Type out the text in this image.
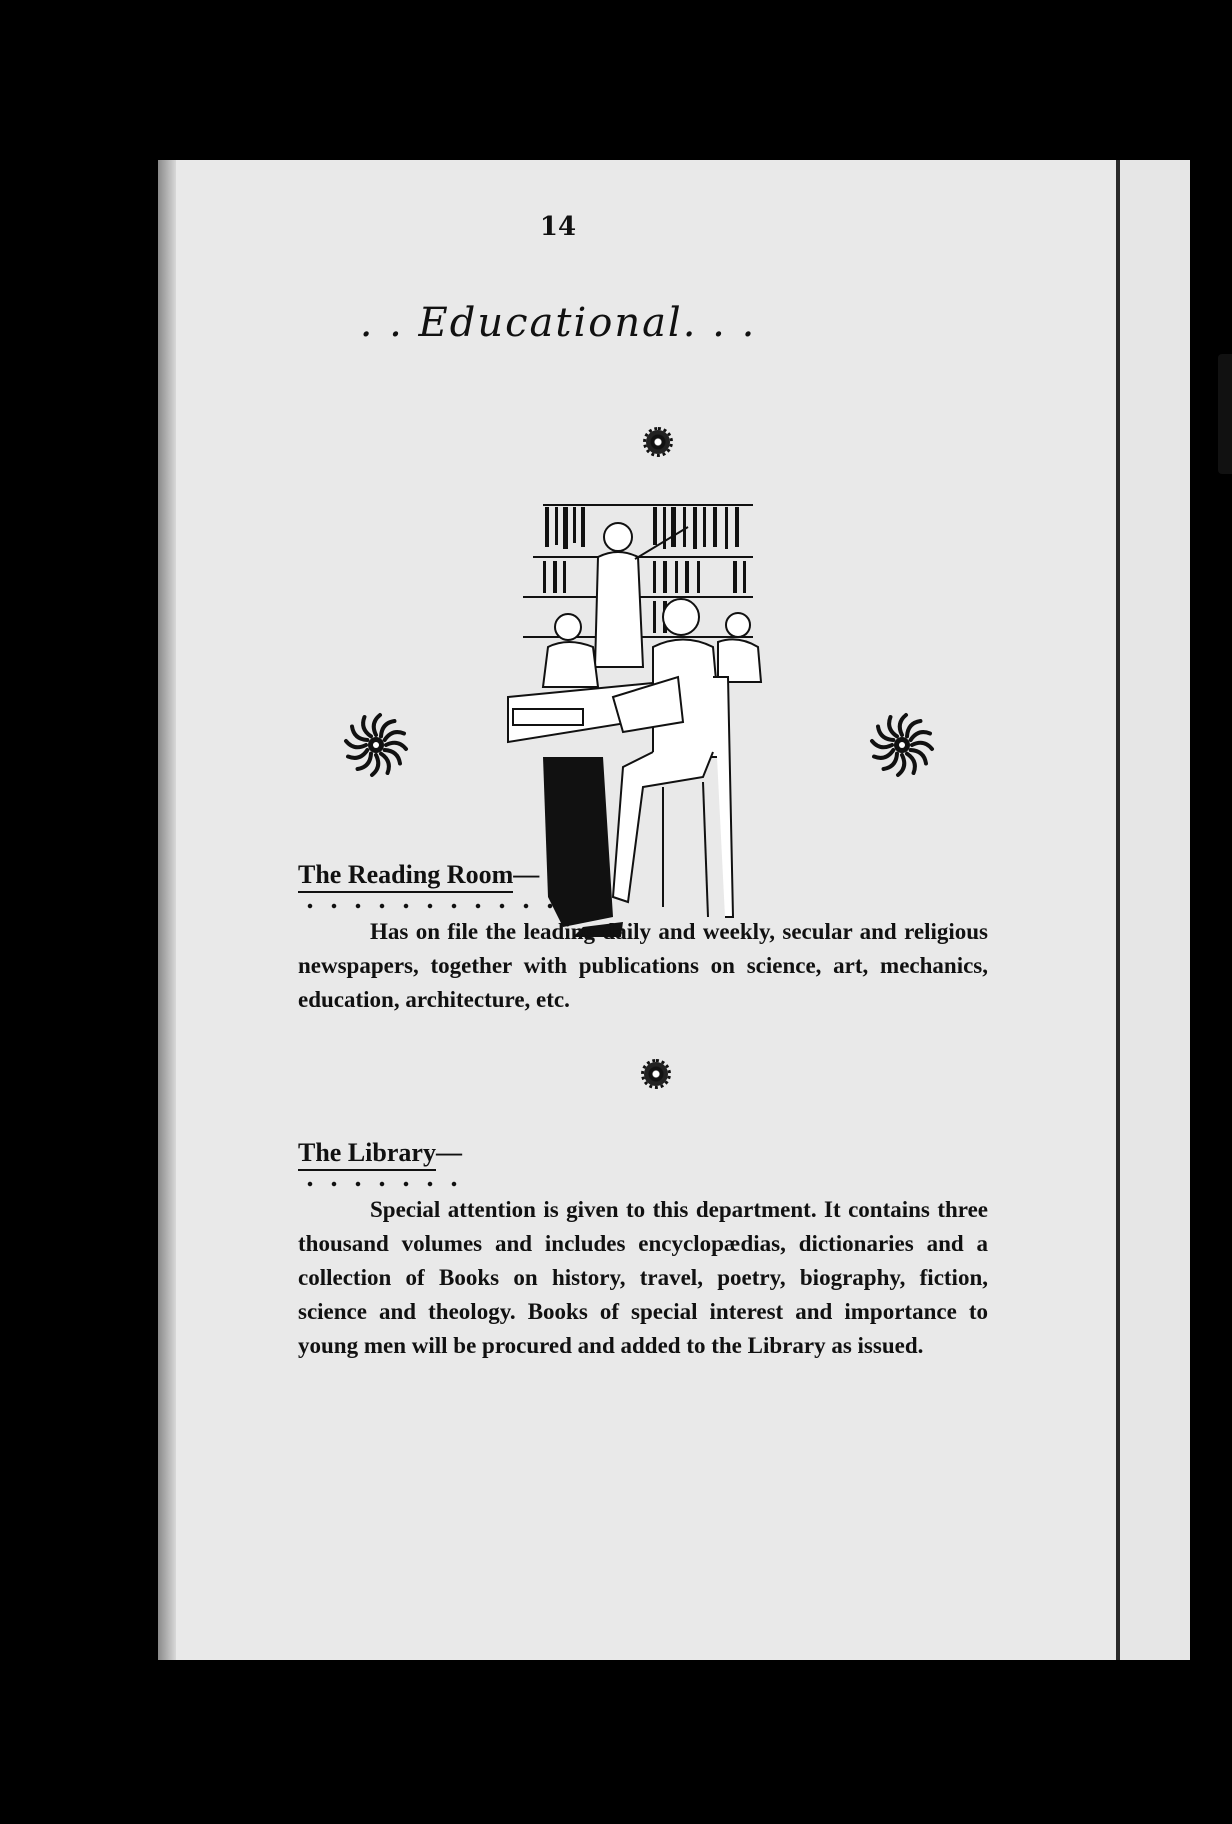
14
. . Educational. . .
The Reading Room—
Has on file the leading daily and weekly, secular and religious newspapers, together with publications on science, art, mechanics, education, architecture, etc.
The Library—
Special attention is given to this department. It contains three thousand volumes and includes encyclopædias, dictionaries and a collection of Books on history, travel, poetry, biography, fiction, science and theology. Books of special interest and importance to young men will be procured and added to the Library as issued.
